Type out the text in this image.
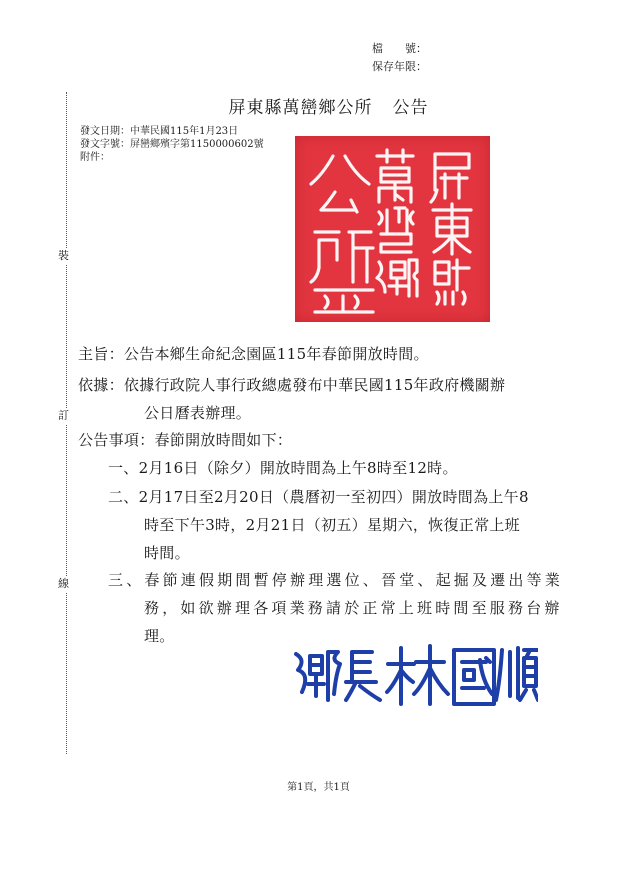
裝
訂
線
檔　　號：
保存年限：
屏東縣萬巒鄉公所 公告
發文日期：中華民國115年1月23日
發文字號：屏巒鄉殯字第1150000602號
附件：
主旨：公告本鄉生命紀念園區115年春節開放時間。
依據：依據行政院人事行政總處發布中華民國115年政府機關辦
公日曆表辦理。
公告事項：春節開放時間如下：
一、2月16日（除夕）開放時間為上午8時至12時。
二、2月17日至2月20日（農曆初一至初四）開放時間為上午8
時至下午3時，2月21日（初五）星期六，恢復正常上班
時間。
三、春節連假期間暫停辦理選位、晉堂、起掘及遷出等業
務，如欲辦理各項業務請於正常上班時間至服務台辦
理。
第1頁，共1頁
